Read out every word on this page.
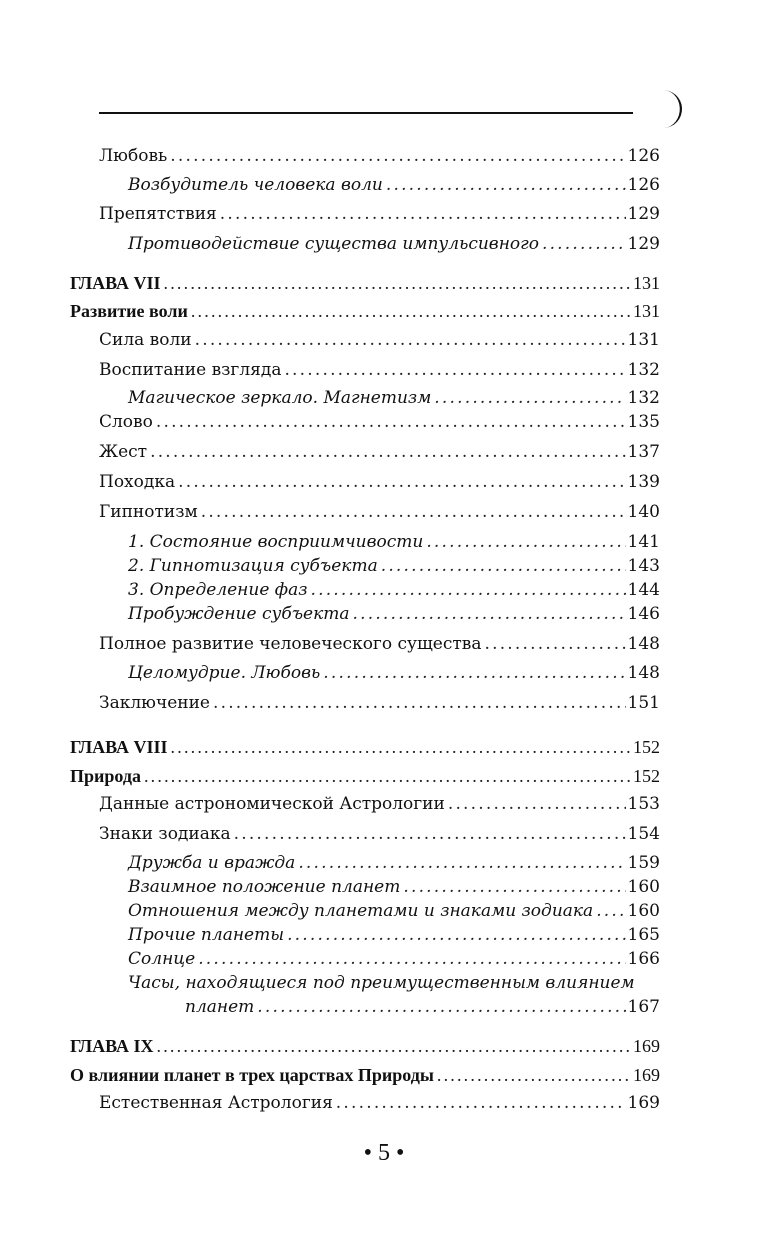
Любовь .....	126
Возбудитель человека воли .....	126
Препятствия .....	129
Противодействие существа импульсивного .....	129
ГЛАВА VII .....	131
Развитие воли .....	131
Сила воли .....	131
Воспитание взгляда .....	132
Магическое зеркало. Магнетизм .....	132
Слово .....	135
Жест .....	137
Походка .....	139
Гипнотизм .....	140
1. Состояние восприимчивости .....	141
2. Гипнотизация субъекта .....	143
3. Определение фаз .....	144
Пробуждение субъекта .....	146
Полное развитие человеческого существа .....	148
Целомудрие. Любовь .....	148
Заключение .....	151
ГЛАВА VIII .....	152
Природа .....	152
Данные астрономической Астрологии .....	153
Знаки зодиака .....	154
Дружба и вражда .....	159
Взаимное положение планет .....	160
Отношения между планетами и знаками зодиака ..... 160
Прочие планеты .....	165
Солнце .....	166
Часы, находящиеся под преимущественным влиянием
планет .....	167
ГЛАВА IX .....	169
О влиянии планет в трех царствах Природы .....	169
Естественная Астрология .....	169
• 5 •
